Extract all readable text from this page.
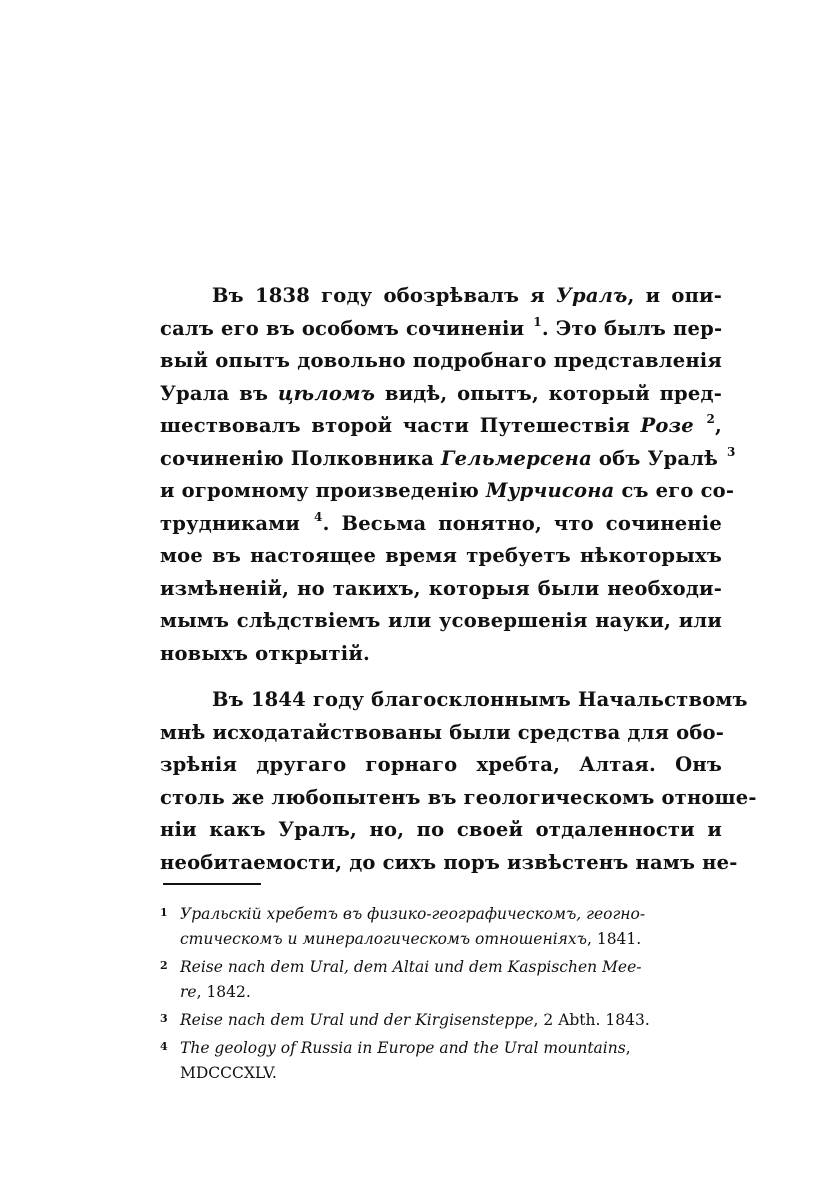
Въ 1838 году обозрѣвалъ я Уралъ, и опи-
салъ его въ особомъ сочиненіи $^1$. Это былъ пер-
вый опытъ довольно подробнаго представленія
Урала въ цѣломъ видѣ, опытъ, который пред-
шествовалъ второй части Путешествія Розе $^2$,
сочиненію Полковника Гельмерсена объ Уралѣ $^3$
и огромному произведенію Мурчисона съ его со-
трудниками $^4$. Весьма понятно, что сочиненіе
мое въ настоящее время требуетъ нѣкоторыхъ
измѣненій, но такихъ, которыя были необходи-
мымъ слѣдствіемъ или усовершенія науки, или
новыхъ открытій.
Въ 1844 году благосклоннымъ Начальствомъ
мнѣ исходатайствованы были средства для обо-
зрѣнія другаго горнаго хребта, Алтая. Онъ
столь же любопытенъ въ геологическомъ отноше-
ніи какъ Уралъ, но, по своей отдаленности и
необитаемости, до сихъ поръ извѣстенъ намъ не-
1 Уральскій хребетъ въ физико-географическомъ, геогно-
стическомъ и минералогическомъ отношеніяхъ, 1841.
2 Reise nach dem Ural, dem Altai und dem Kaspischen Mee-
re, 1842.
3 Reise nach dem Ural und der Kirgisensteppe, 2 Abth. 1843.
4 The geology of Russia in Europe and the Ural mountains,
MDCCCXLV.
